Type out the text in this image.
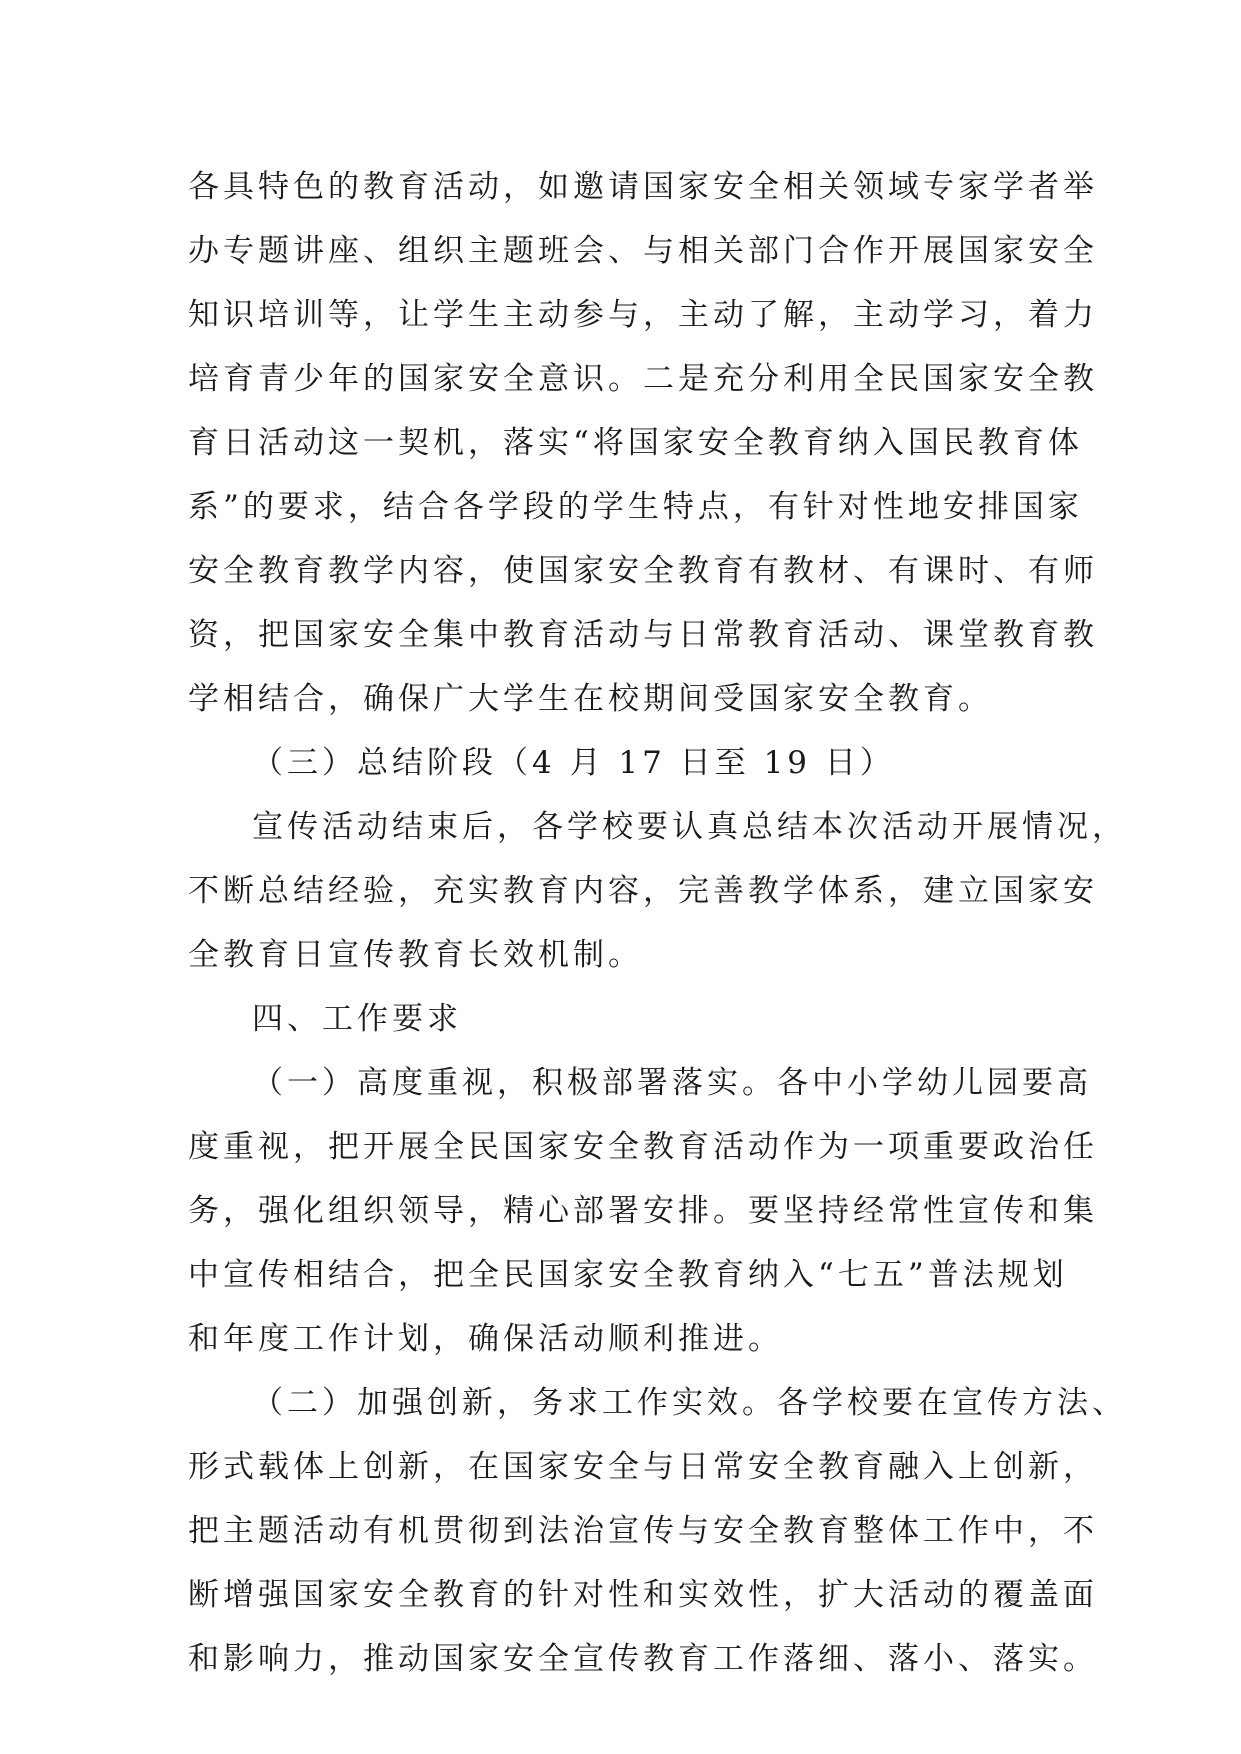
各具特色的教育活动，如邀请国家安全相关领域专家学者举
办专题讲座、组织主题班会、与相关部门合作开展国家安全
知识培训等，让学生主动参与，主动了解，主动学习，着力
培育青少年的国家安全意识。二是充分利用全民国家安全教
育日活动这一契机，落实“将国家安全教育纳入国民教育体
系”的要求，结合各学段的学生特点，有针对性地安排国家
安全教育教学内容，使国家安全教育有教材、有课时、有师
资，把国家安全集中教育活动与日常教育活动、课堂教育教
学相结合，确保广大学生在校期间受国家安全教育。
（三）总结阶段（4 月 17 日至 19 日）
宣传活动结束后，各学校要认真总结本次活动开展情况，
不断总结经验，充实教育内容，完善教学体系，建立国家安
全教育日宣传教育长效机制。
四、工作要求
（一）高度重视，积极部署落实。各中小学幼儿园要高
度重视，把开展全民国家安全教育活动作为一项重要政治任
务，强化组织领导，精心部署安排。要坚持经常性宣传和集
中宣传相结合，把全民国家安全教育纳入“七五”普法规划
和年度工作计划，确保活动顺利推进。
（二）加强创新，务求工作实效。各学校要在宣传方法、
形式载体上创新，在国家安全与日常安全教育融入上创新，
把主题活动有机贯彻到法治宣传与安全教育整体工作中，不
断增强国家安全教育的针对性和实效性，扩大活动的覆盖面
和影响力，推动国家安全宣传教育工作落细、落小、落实。
